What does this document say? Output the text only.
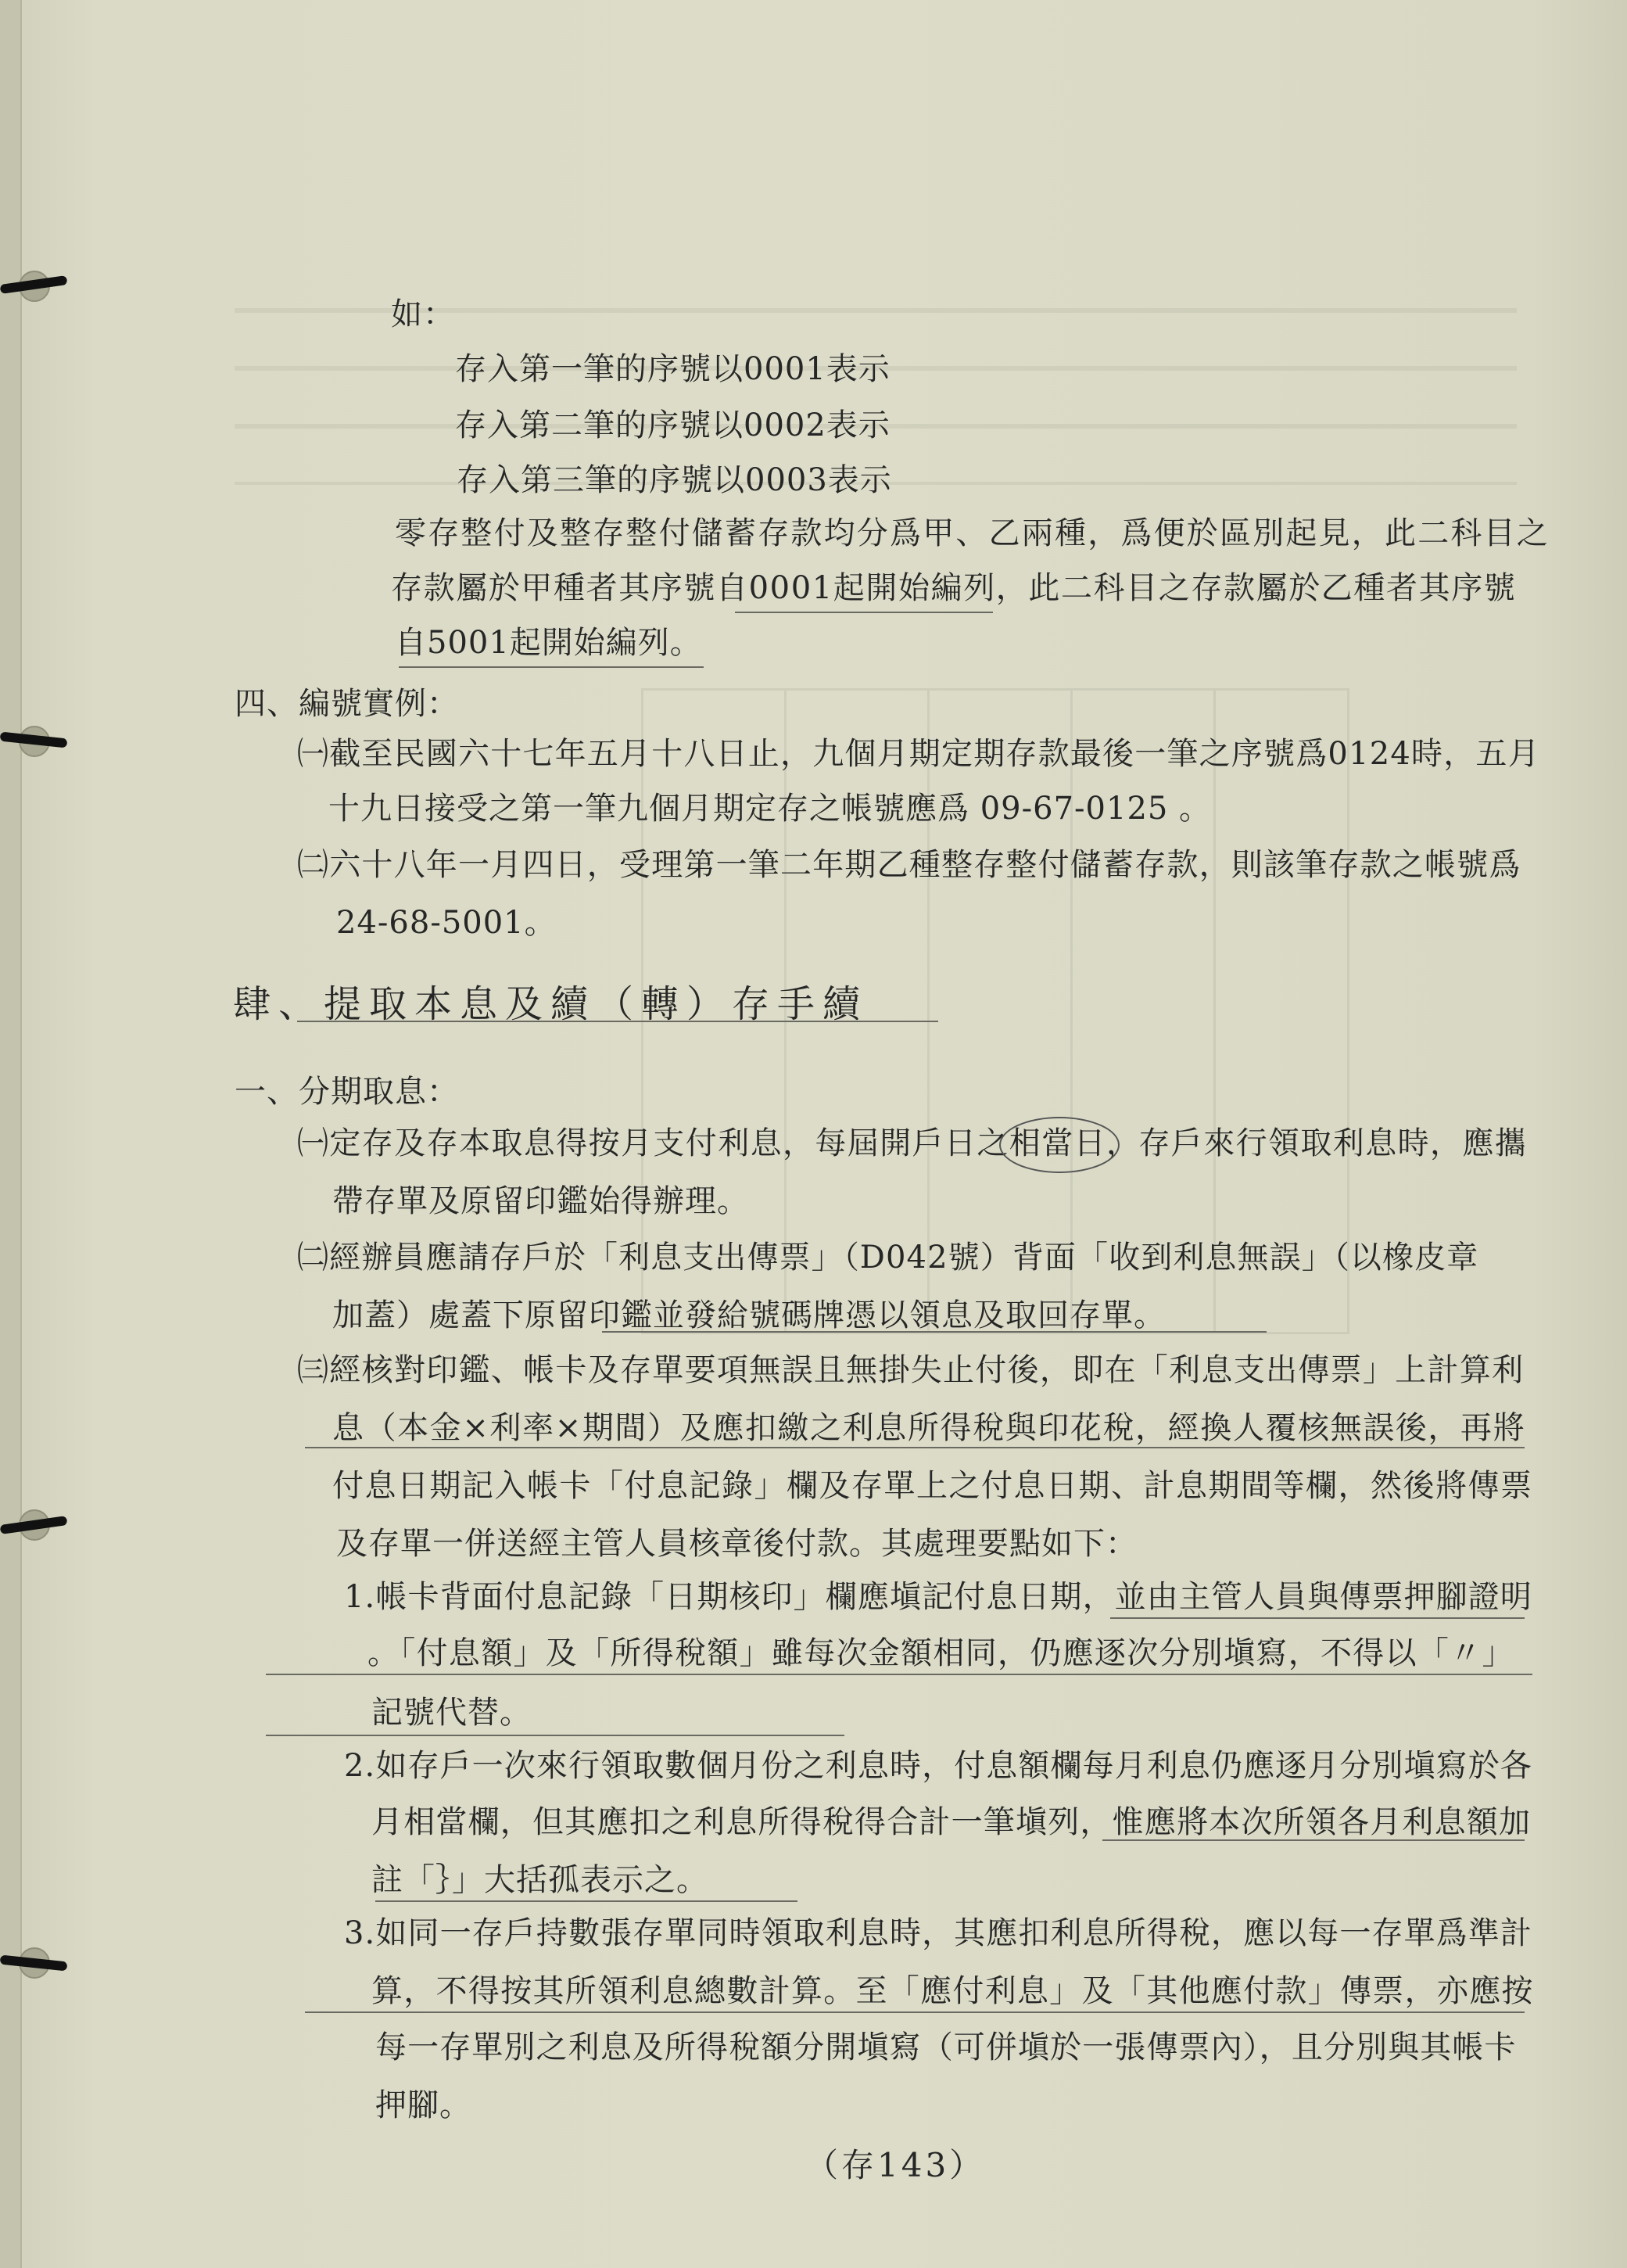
如：
存入第一筆的序號以0001表示
存入第二筆的序號以0002表示
存入第三筆的序號以0003表示
零存整付及整存整付儲蓄存款均分爲甲、乙兩種，爲便於區別起見，此二科目之
存款屬於甲種者其序號自0001起開始編列，此二科目之存款屬於乙種者其序號
自5001起開始編列。
四、編號實例：
㈠截至民國六十七年五月十八日止，九個月期定期存款最後一筆之序號爲0124時，五月
十九日接受之第一筆九個月期定存之帳號應爲 09-67-0125 。
㈡六十八年一月四日，受理第一筆二年期乙種整存整付儲蓄存款，則該筆存款之帳號爲
24-68-5001。
肆、提取本息及續（轉）存手續
一、分期取息：
㈠定存及存本取息得按月支付利息，每屆開戶日之相當日，存戶來行領取利息時，應攜
帶存單及原留印鑑始得辦理。
㈡經辦員應請存戶於「利息支出傳票」（D042號）背面「收到利息無誤」（以橡皮章
加蓋）處蓋下原留印鑑並發給號碼牌憑以領息及取回存單。
㈢經核對印鑑、帳卡及存單要項無誤且無掛失止付後，即在「利息支出傳票」上計算利
息（本金×利率×期間）及應扣繳之利息所得稅與印花稅，經換人覆核無誤後，再將
付息日期記入帳卡「付息記錄」欄及存單上之付息日期、計息期間等欄，然後將傳票
及存單一併送經主管人員核章後付款。其處理要點如下：
1.帳卡背面付息記錄「日期核印」欄應塡記付息日期，並由主管人員與傳票押腳證明
。「付息額」及「所得稅額」雖每次金額相同，仍應逐次分別塡寫，不得以「〃」
記號代替。
2.如存戶一次來行領取數個月份之利息時，付息額欄每月利息仍應逐月分別塡寫於各
月相當欄，但其應扣之利息所得稅得合計一筆塡列，惟應將本次所領各月利息額加
註「｝」大括孤表示之。
3.如同一存戶持數張存單同時領取利息時，其應扣利息所得稅，應以每一存單爲準計
算，不得按其所領利息總數計算。至「應付利息」及「其他應付款」傳票，亦應按
每一存單別之利息及所得稅額分開塡寫（可併塡於一張傳票內），且分別與其帳卡
押腳。
（存143）
